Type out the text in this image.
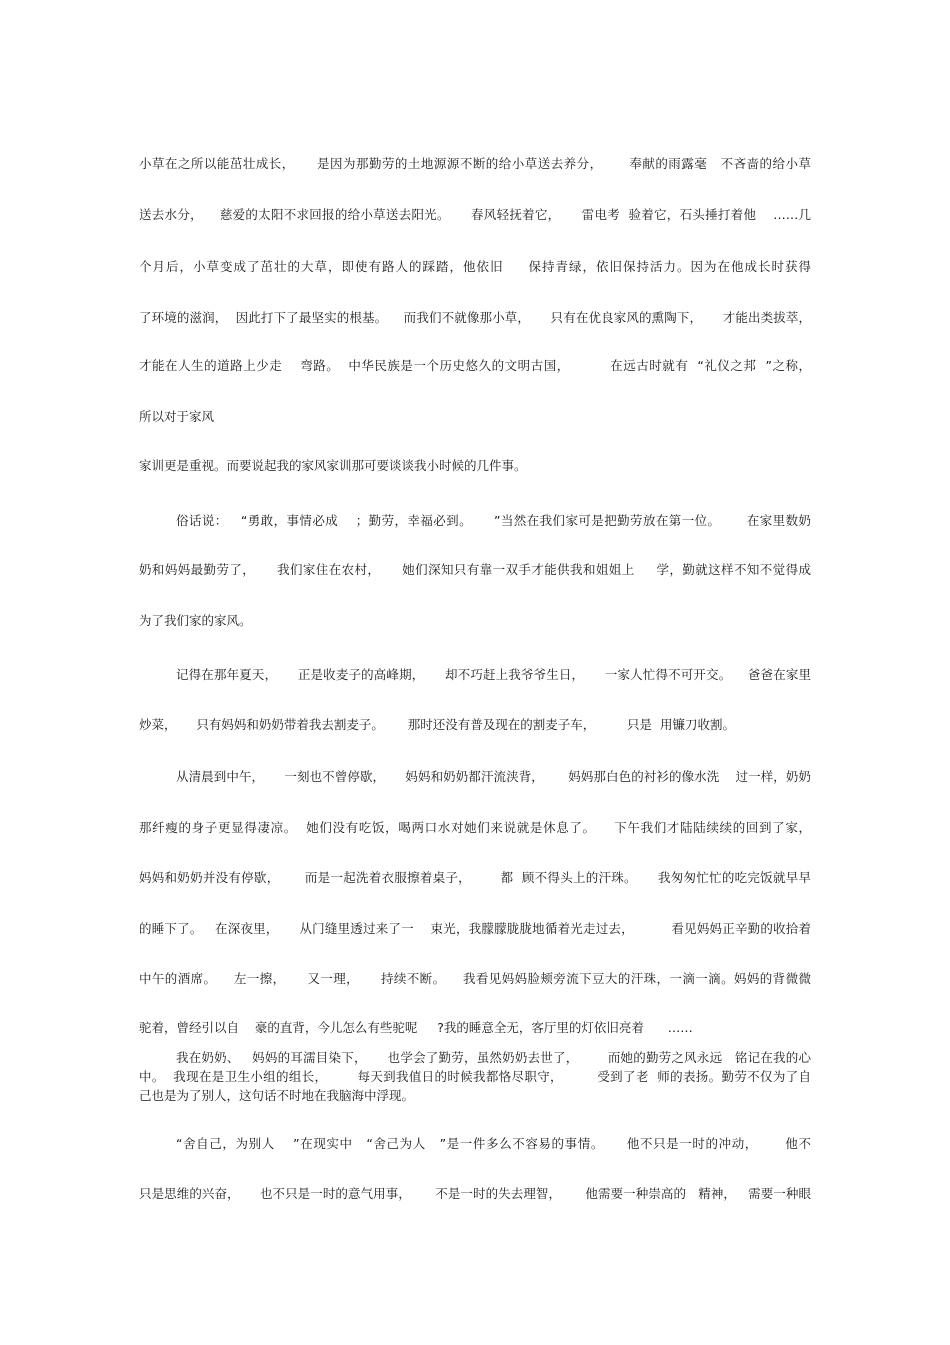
小草在之所以能茁壮成长，     是因为那勤劳的土地源源不断的给小草送去养分，      奉献的雨露毫   不吝啬的给小草
送去水分，    慈爱的太阳不求回报的给小草送去阳光。     春风轻抚着它，     雷电考  验着它，石头捶打着他    ……几
个月后，小草变成了茁壮的大草，即使有路人的踩踏，他依旧     保持青绿，依旧保持活力。因为在他成长时获得
了环境的滋润，  因此打下了最坚实的根基。    而我们不就像那小草，     只有在优良家风的熏陶下，     才能出类拔萃，
才能在人生的道路上少走    弯路。  中华民族是一个历史悠久的文明古国，         在远古时就有  “礼仪之邦  ”之称，
所以对于家风
家训更是重视。而要说起我的家风家训那可要谈谈我小时候的几件事。
俗话说：   “勇敢，事情必成    ；勤劳，幸福必到。     ”当然在我们家可是把勤劳放在第一位。      在家里数奶
奶和妈妈最勤劳了，     我们家住在农村，     她们深知只有靠一双手才能供我和姐姐上     学，勤就这样不知不觉得成
为了我们家的家风。
记得在那年夏天，     正是收麦子的高峰期，     却不巧赶上我爷爷生日，     一家人忙得不可开交。    爸爸在家里
炒菜，     只有妈妈和奶奶带着我去割麦子。      那时还没有普及现在的割麦子车，        只是  用镰刀收割。
从清晨到中午，     一刻也不曾停歇，     妈妈和奶奶都汗流浃背，      妈妈那白色的衬衫的像水洗    过一样，奶奶
那纤瘦的身子更显得凄凉。  她们没有吃饭，喝两口水对她们来说就是休息了。    下午我们才陆陆续续的回到了家，
妈妈和奶奶并没有停歇，      而是一起洗着衣服擦着桌子，       都  顾不得头上的汗珠。     我匆匆忙忙的吃完饭就早早
的睡下了。   在深夜里，     从门缝里透过来了一    束光，我朦朦胧胧地循着光走过去，         看见妈妈正辛勤的收拾着
中午的酒席。    左一擦，     又一理，     持续不断。    我看见妈妈脸颊旁流下豆大的汗珠，一滴一滴。妈妈的背微微
驼着，曾经引以自    豪的直背，今儿怎么有些驼呢     ?我的睡意全无，客厅里的灯依旧亮着      ……
我在奶奶、   妈妈的耳濡目染下，     也学会了勤劳，虽然奶奶去世了，       而她的勤劳之风永远   铭记在我的心
中。  我现在是卫生小组的组长，       每天到我值日的时候我都恪尽职守，        受到了老  师的表扬。勤劳不仅为了自
己也是为了别人，这句话不时地在我脑海中浮现。
“舍自己，为别人    ”在现实中   “舍己为人   ”是一件多么不容易的事情。     他不只是一时的冲动，      他不
只是思维的兴奋，     也不只是一时的意气用事，      不是一时的失去理智，      他需要一种崇高的   精神，   需要一种眼
